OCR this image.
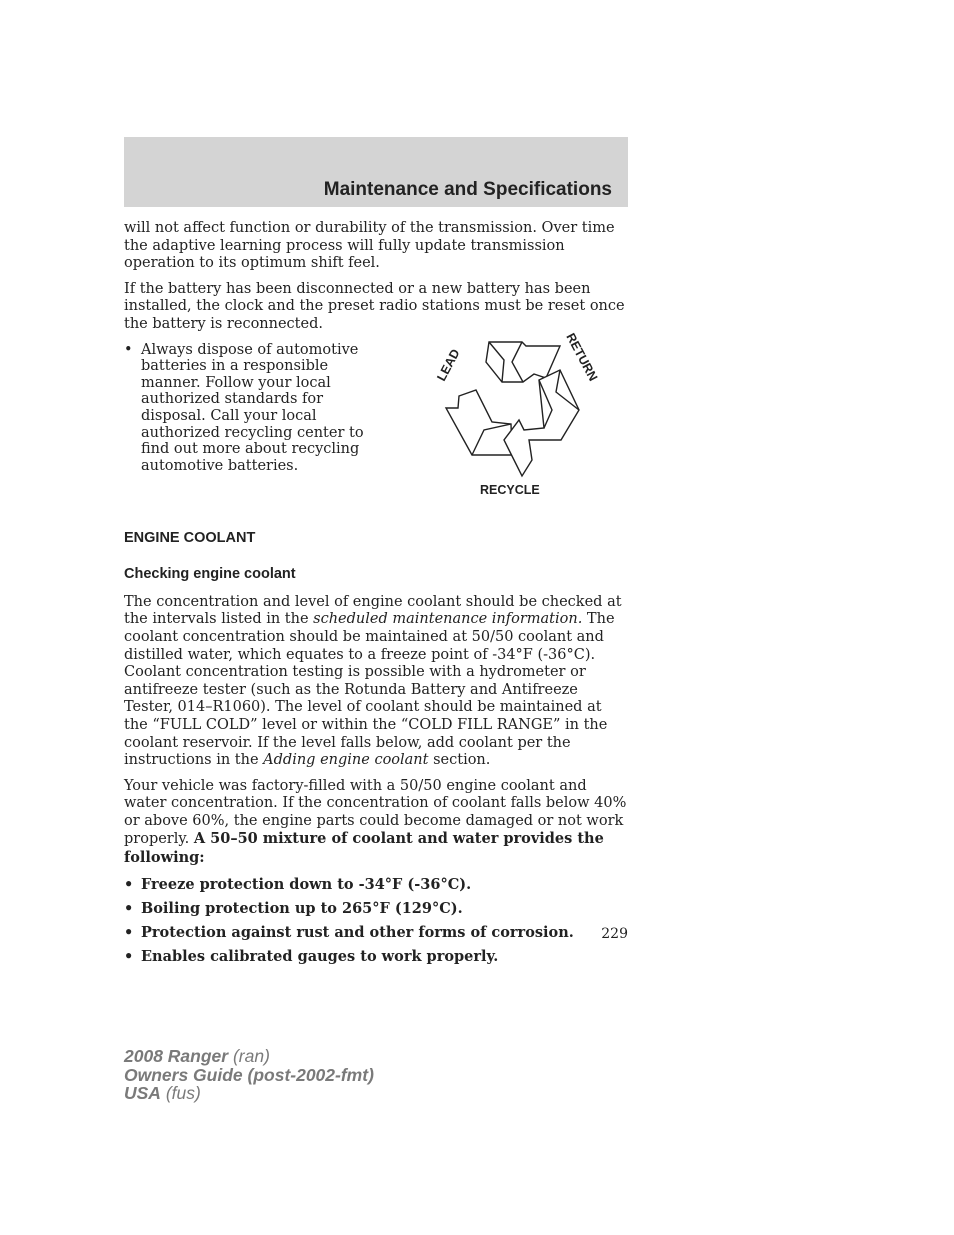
Maintenance and Specifications

will not affect function or durability of the transmission. Over time the adaptive learning process will fully update transmission operation to its optimum shift feel.

If the battery has been disconnected or a new battery has been installed, the clock and the preset radio stations must be reset once the battery is reconnected.

• Always dispose of automotive batteries in a responsible manner. Follow your local authorized standards for disposal. Call your local authorized recycling center to find out more about recycling automotive batteries.
LEAD	RETURN
RECYCLE
ENGINE COOLANT
Checking engine coolant

The concentration and level of engine coolant should be checked at the intervals listed in the scheduled maintenance information. The coolant concentration should be maintained at 50/50 coolant and distilled water, which equates to a freeze point of -34°F (-36°C). Coolant concentration testing is possible with a hydrometer or antifreeze tester (such as the Rotunda Battery and Antifreeze Tester, 014–R1060). The level of coolant should be maintained at the “FULL COLD” level or within the “COLD FILL RANGE” in the coolant reservoir. If the level falls below, add coolant per the instructions in the Adding engine coolant section.

Your vehicle was factory-filled with a 50/50 engine coolant and water concentration. If the concentration of coolant falls below 40% or above 60%, the engine parts could become damaged or not work properly. A 50–50 mixture of coolant and water provides the following:

• Freeze protection down to -34°F (-36°C).
• Boiling protection up to 265°F (129°C).
• Protection against rust and other forms of corrosion.
• Enables calibrated gauges to work properly.
229
2008 Ranger (ran)
Owners Guide (post-2002-fmt)
USA (fus)
